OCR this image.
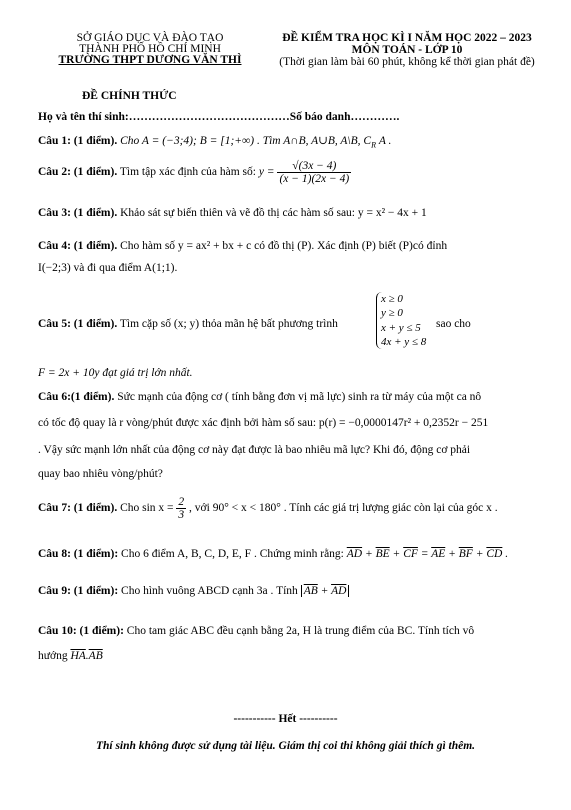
SỞ GIÁO DỤC VÀ ĐÀO TẠO
THÀNH PHỐ HỒ CHÍ MINH
TRƯỜNG THPT DƯƠNG VĂN THÌ
ĐỀ KIỂM TRA HỌC KÌ I NĂM HỌC 2022 – 2023
MÔN TOÁN - LỚP 10
(Thời gian làm bài 60 phút, không kể thời gian phát đề)
ĐỀ CHÍNH THỨC
Họ và tên thí sinh:……………………………………Số báo danh………….
Câu 1: (1 điểm). Cho A = (−3;4); B = [1;+∞) . Tìm A∩B, A∪B, A\B, $C_R$ A .
Câu 2: (1 điểm). Tìm tập xác định của hàm số: $y = \frac{√(3x - 4)}{(x - 1)(2x - 4)}$
Câu 3: (1 điểm). Khảo sát sự biến thiên và vẽ đồ thị các hàm số sau: y = x² − 4x + 1
Câu 4: (1 điểm). Cho hàm số y = ax² + bx + c có đồ thị (P). Xác định (P) biết (P)có đỉnh
I(−2;3) và đi qua điểm A(1;1).
Câu 5: (1 điểm). Tìm cặp số (x; y) thỏa mãn hệ bất phương trình
x ≥ 0
y ≥ 0
x + y ≤ 5
4x + y ≤ 8
sao cho
F = 2x + 10y đạt giá trị lớn nhất.
Câu 6:(1 điểm). Sức mạnh của động cơ ( tính bằng đơn vị mã lực) sinh ra từ máy của một ca nô
có tốc độ quay là r vòng/phút được xác định bởi hàm số sau: p(r) = −0,0000147r² + 0,2352r − 251
. Vậy sức mạnh lớn nhất của động cơ này đạt được là bao nhiêu mã lực? Khi đó, động cơ phải
quay bao nhiêu vòng/phút?
Câu 7: (1 điểm). Cho $\sin x = \frac{2}{3}$ , với 90° < x < 180° . Tính các giá trị lượng giác còn lại của góc x .
Câu 8: (1 điểm): Cho 6 điểm A, B, C, D, E, F . Chứng minh rằng: $\overline{AD} + \overline{BE} + \overline{CF} = \overline{AE} + \overline{BF} + \overline{CD}$ .
Câu 9: (1 điểm): Cho hình vuông ABCD cạnh 3a . Tính $\overline{AB} + \overline{AD}$
Câu 10: (1 điểm): Cho tam giác ABC đều cạnh bằng 2a, H là trung điểm của BC. Tính tích vô
hướng $\overline{HA}.\overline{AB}$
----------- Hết ----------
Thí sinh không được sử dụng tài liệu. Giám thị coi thi không giải thích gì thêm.
